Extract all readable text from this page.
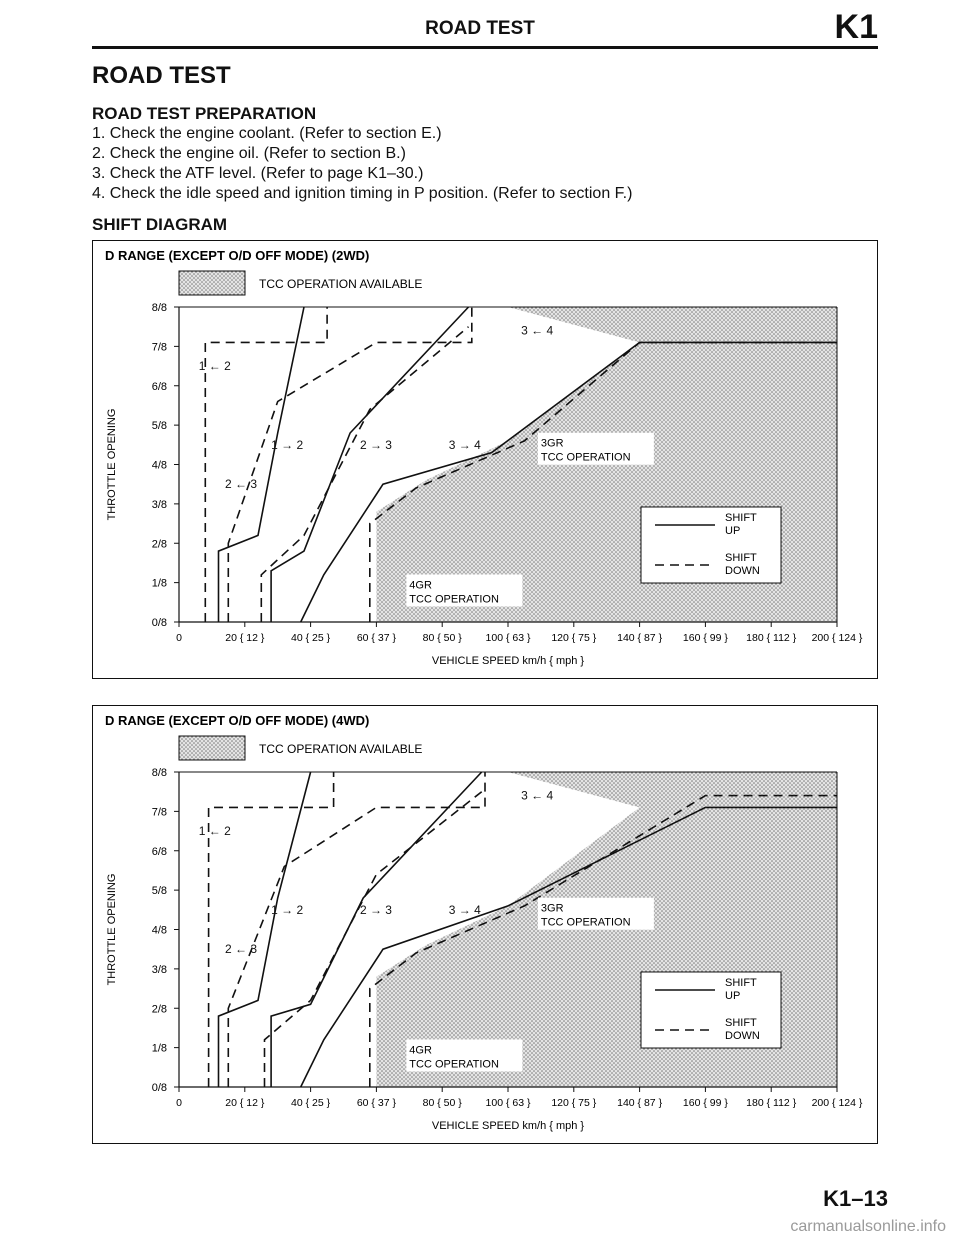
ROAD TEST	K1
ROAD TEST
ROAD TEST PREPARATION
1. Check the engine coolant. (Refer to section E.)
2. Check the engine oil. (Refer to section B.)
3. Check the ATF level. (Refer to page K1–30.)
4. Check the idle speed and ignition timing in P position. (Refer to section F.)
SHIFT DIAGRAM
D RANGE (EXCEPT O/D OFF MODE) (2WD)
TCC OPERATION AVAILABLE
8/8
7/8
6/8
5/8
4/8
3/8
2/8
1/8
0/8
0	20 { 12 }	40 { 25 }	60 { 37 }	80 { 50 } 100 { 63 } 120 { 75 } 140 { 87 } 160 { 99 } 180 { 112 } 200 { 124 }
THROTTLE OPENING
VEHICLE SPEED km/h { mph }
1 ← 2
1 → 2	2 → 3
2 ← 3
3 → 4
3 ← 4
3GR
TCC OPERATION
4GR
TCC OPERATION
SHIFT
UP
SHIFT
DOWN
D RANGE (EXCEPT O/D OFF MODE) (4WD)
TCC OPERATION AVAILABLE
8/8
7/8
6/8
5/8
4/8
3/8
2/8
1/8
0/8
0	20 { 12 }	40 { 25 }	60 { 37 }	80 { 50 } 100 { 63 } 120 { 75 } 140 { 87 } 160 { 99 } 180 { 112 } 200 { 124 }
THROTTLE OPENING
VEHICLE SPEED km/h { mph }
1 ← 2
1 → 2	2 → 3
2 ← 3
3 → 4
3 ← 4
3GR
TCC OPERATION
4GR
TCC OPERATION
SHIFT
UP
SHIFT
DOWN
K1–13
carmanualsonline.info
